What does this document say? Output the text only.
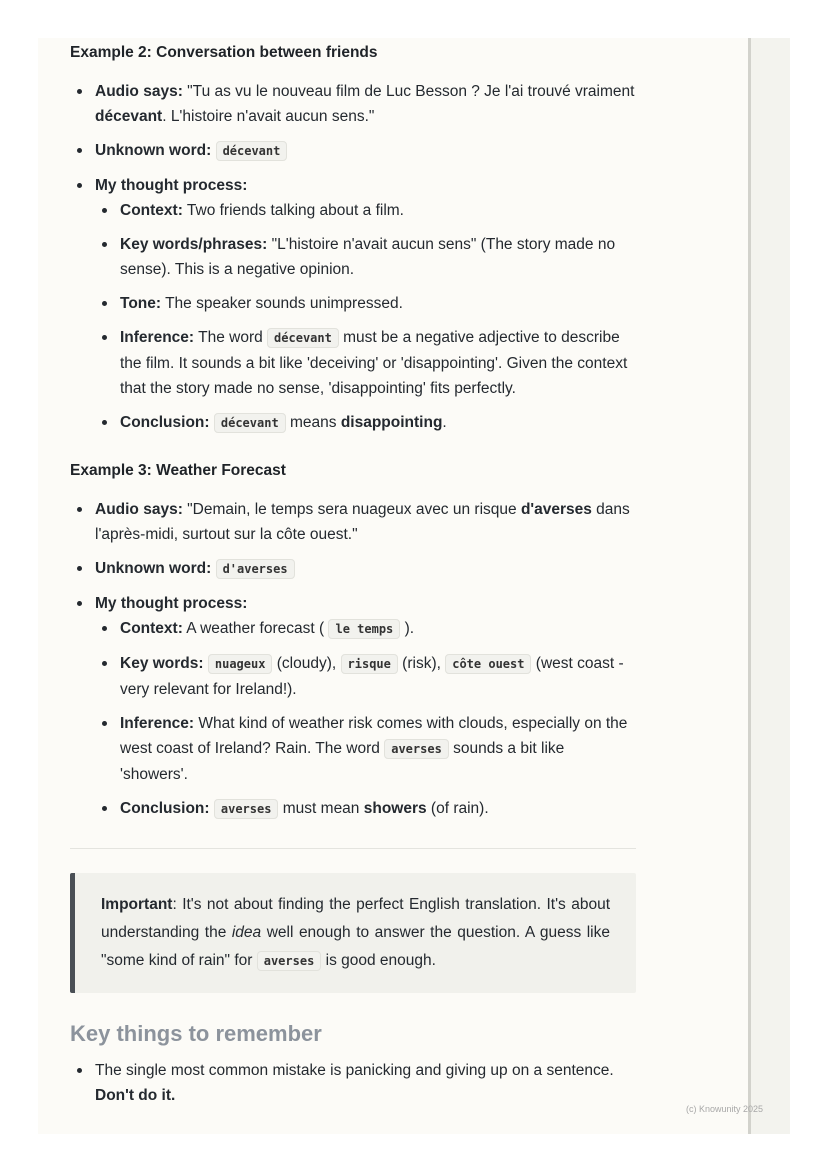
Example 2: Conversation between friends
Audio says: "Tu as vu le nouveau film de Luc Besson ? Je l'ai trouvé vraiment décevant. L'histoire n'avait aucun sens."
Unknown word: décevant
My thought process:
Context: Two friends talking about a film.
Key words/phrases: "L'histoire n'avait aucun sens" (The story made no sense). This is a negative opinion.
Tone: The speaker sounds unimpressed.
Inference: The word décevant must be a negative adjective to describe the film. It sounds a bit like 'deceiving' or 'disappointing'. Given the context that the story made no sense, 'disappointing' fits perfectly.
Conclusion: décevant means disappointing.
Example 3: Weather Forecast
Audio says: "Demain, le temps sera nuageux avec un risque d'averses dans l'après-midi, surtout sur la côte ouest."
Unknown word: d'averses
My thought process:
Context: A weather forecast ( le temps ).
Key words: nuageux (cloudy), risque (risk), côte ouest (west coast - very relevant for Ireland!).
Inference: What kind of weather risk comes with clouds, especially on the west coast of Ireland? Rain. The word averses sounds a bit like 'showers'.
Conclusion: averses must mean showers (of rain).
Important: It's not about finding the perfect English translation. It's about understanding the idea well enough to answer the question. A guess like "some kind of rain" for averses is good enough.
Key things to remember
The single most common mistake is panicking and giving up on a sentence. Don't do it.
(c) Knowunity 2025
